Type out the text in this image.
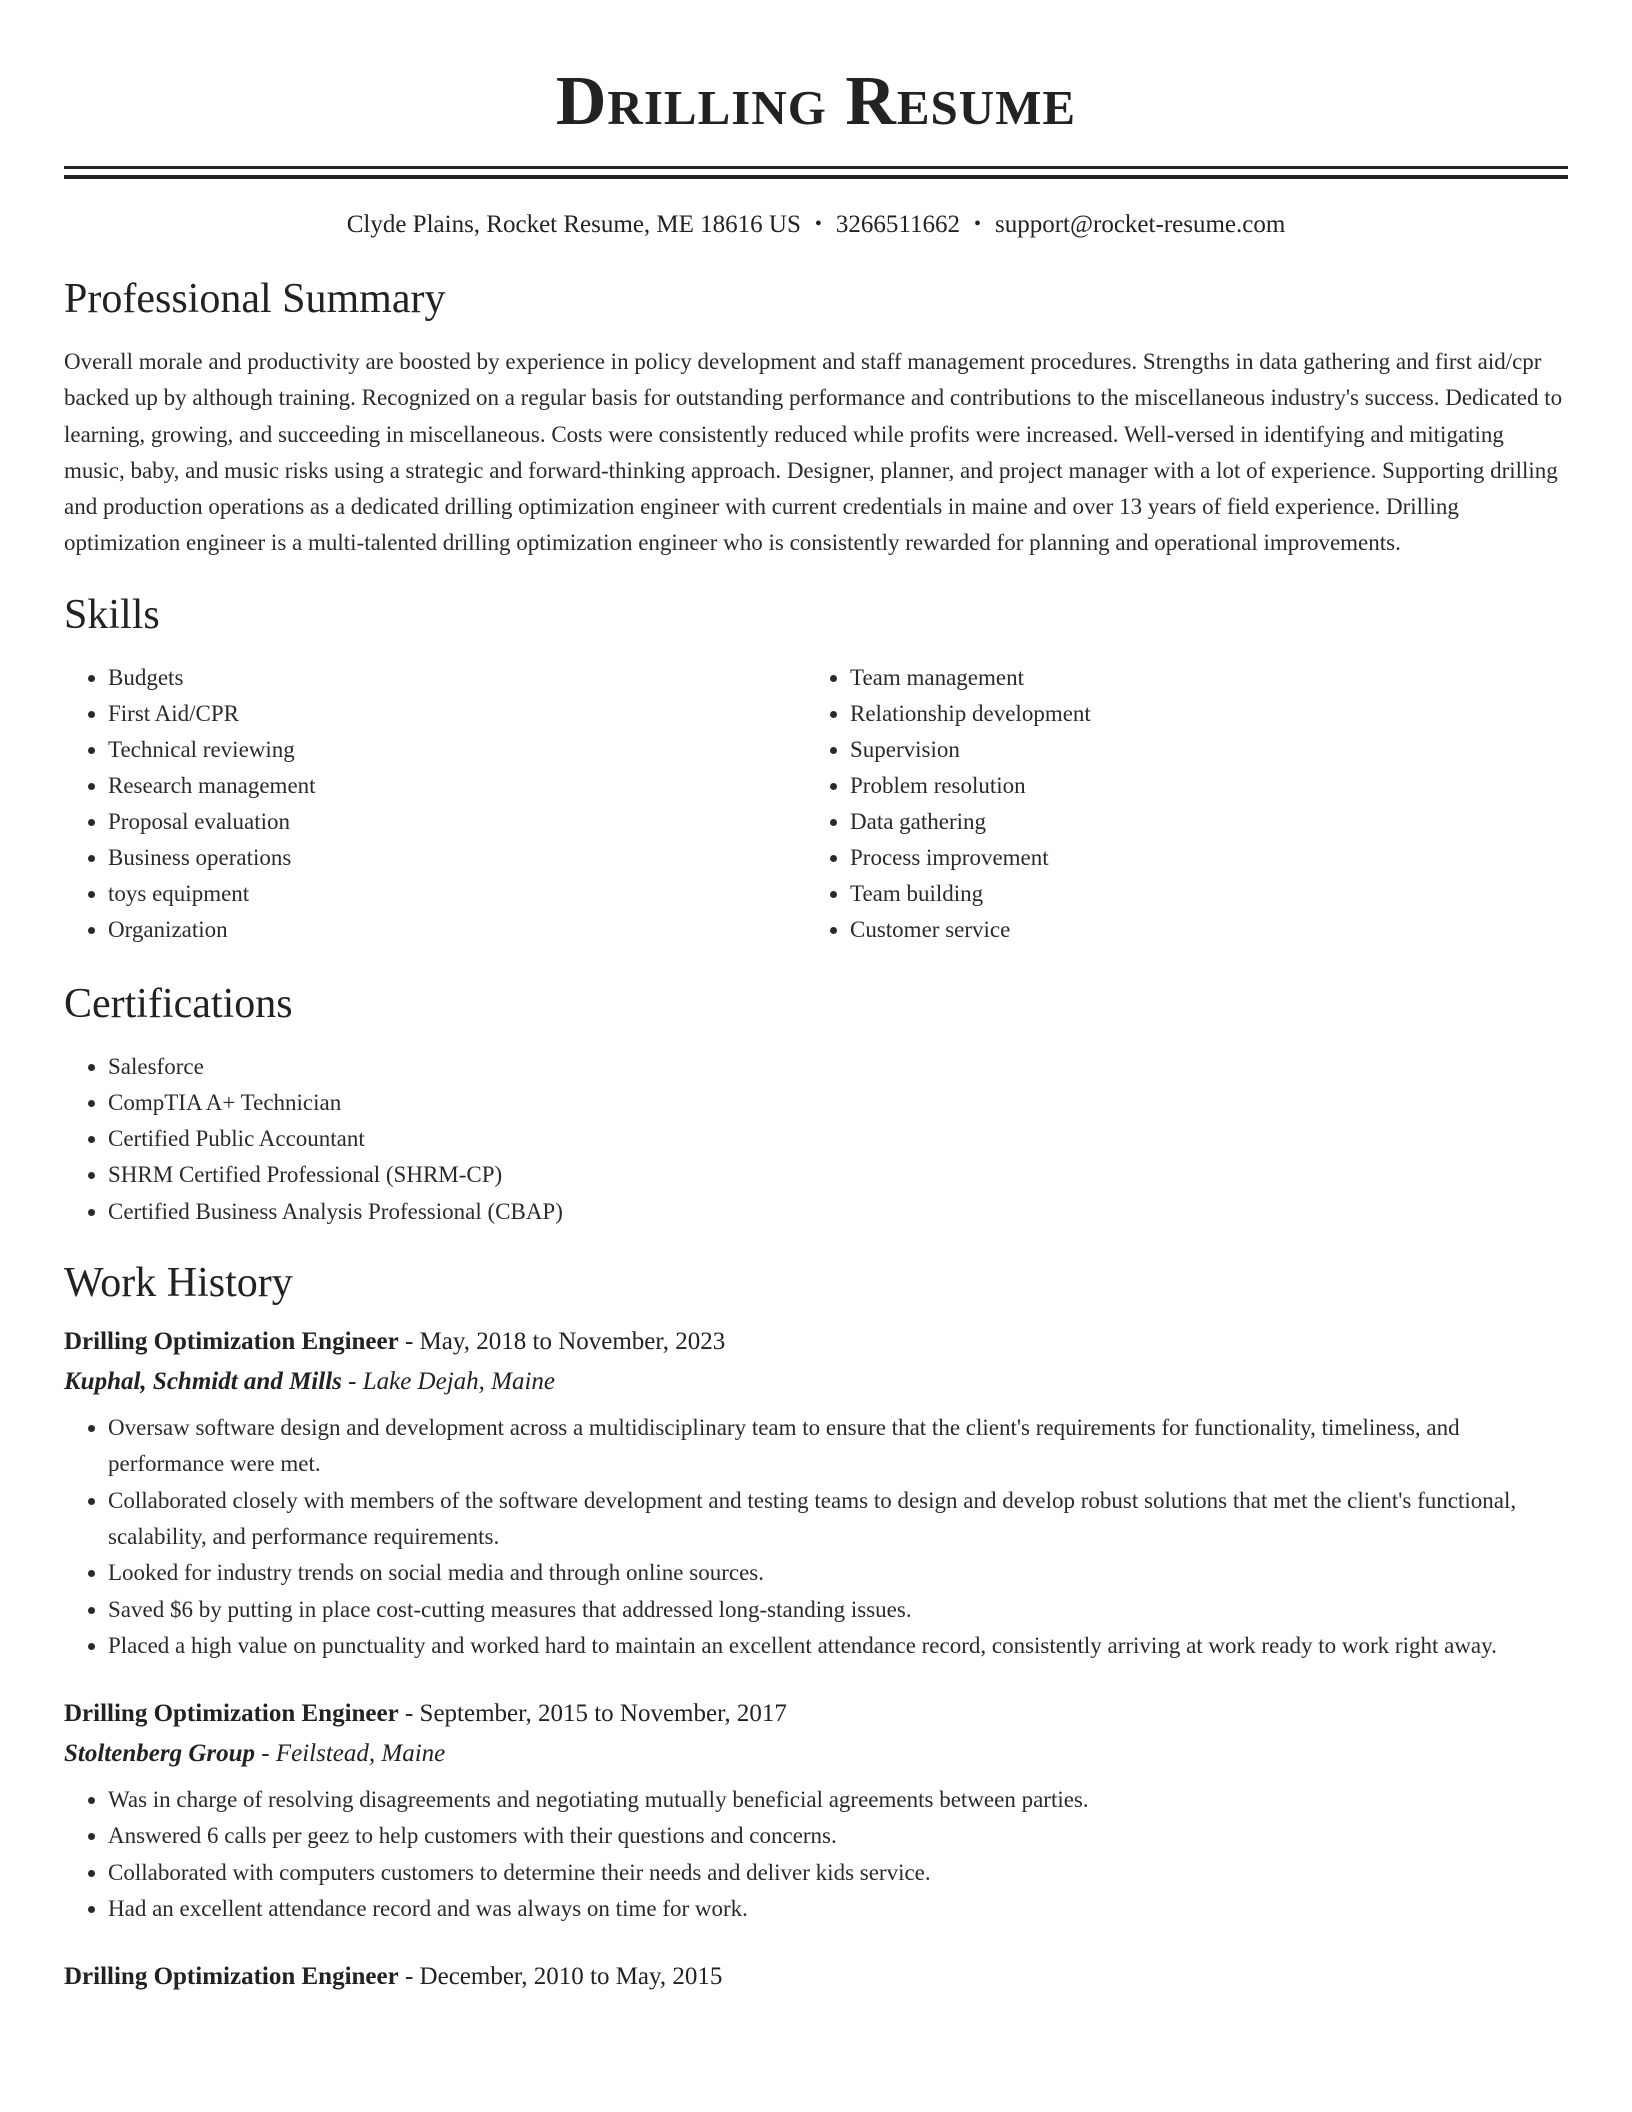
Drilling Resume
Clyde Plains, Rocket Resume, ME 18616 US • 3266511662 • support@rocket-resume.com
Professional Summary
Overall morale and productivity are boosted by experience in policy development and staff management procedures. Strengths in data gathering and first aid/cpr backed up by although training. Recognized on a regular basis for outstanding performance and contributions to the miscellaneous industry's success. Dedicated to learning, growing, and succeeding in miscellaneous. Costs were consistently reduced while profits were increased. Well-versed in identifying and mitigating music, baby, and music risks using a strategic and forward-thinking approach. Designer, planner, and project manager with a lot of experience. Supporting drilling and production operations as a dedicated drilling optimization engineer with current credentials in maine and over 13 years of field experience. Drilling optimization engineer is a multi-talented drilling optimization engineer who is consistently rewarded for planning and operational improvements.
Skills
• Budgets
• First Aid/CPR
• Technical reviewing
• Research management
• Proposal evaluation
• Business operations
• toys equipment
• Organization
• Team management
• Relationship development
• Supervision
• Problem resolution
• Data gathering
• Process improvement
• Team building
• Customer service
Certifications
• Salesforce
• CompTIA A+ Technician
• Certified Public Accountant
• SHRM Certified Professional (SHRM-CP)
• Certified Business Analysis Professional (CBAP)
Work History
Drilling Optimization Engineer - May, 2018 to November, 2023
Kuphal, Schmidt and Mills - Lake Dejah, Maine
• Oversaw software design and development across a multidisciplinary team to ensure that the client's requirements for functionality, timeliness, and performance were met.
• Collaborated closely with members of the software development and testing teams to design and develop robust solutions that met the client's functional, scalability, and performance requirements.
• Looked for industry trends on social media and through online sources.
• Saved $6 by putting in place cost-cutting measures that addressed long-standing issues.
• Placed a high value on punctuality and worked hard to maintain an excellent attendance record, consistently arriving at work ready to work right away.
Drilling Optimization Engineer - September, 2015 to November, 2017
Stoltenberg Group - Feilstead, Maine
• Was in charge of resolving disagreements and negotiating mutually beneficial agreements between parties.
• Answered 6 calls per geez to help customers with their questions and concerns.
• Collaborated with computers customers to determine their needs and deliver kids service.
• Had an excellent attendance record and was always on time for work.
Drilling Optimization Engineer - December, 2010 to May, 2015
